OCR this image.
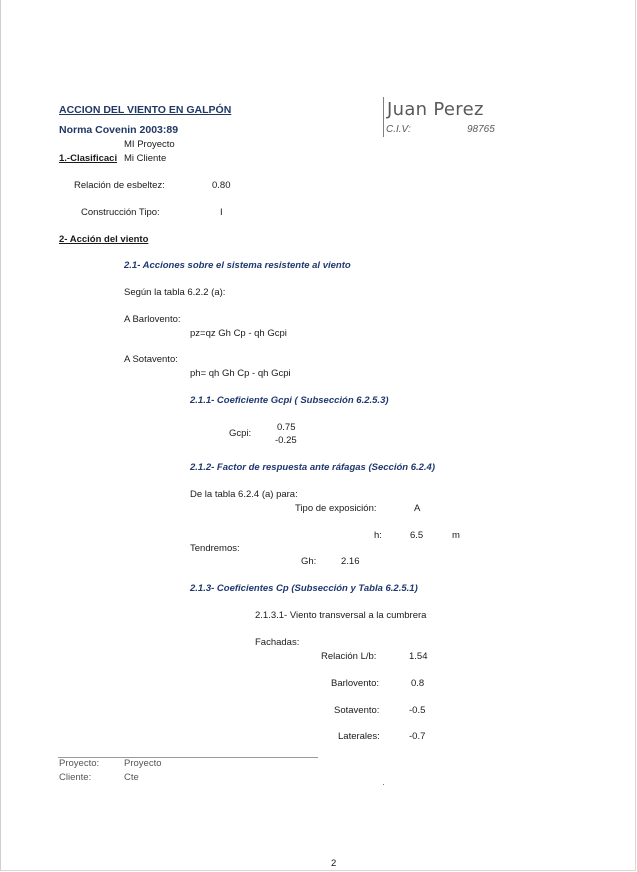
ACCION DEL VIENTO EN GALPÓN
Norma Covenin 2003:89
MI Proyecto
Juan Perez
C.I.V:	98765
1.-Clasificaci Mi Cliente
Relación de esbeltez:	0.80
Construcción Tipo:	I
2- Acción del viento
2.1- Acciones sobre el sistema resistente al viento
Según la tabla 6.2.2 (a):
A Barlovento:
pz=qz Gh Cp - qh Gcpi
A Sotavento:
ph= qh Gh Cp - qh Gcpi
2.1.1- Coeficiente Gcpi ( Subsección 6.2.5.3)
Gcpi:
0.75
-0.25
2.1.2- Factor de respuesta ante ráfagas (Sección 6.2.4)
De la tabla 6.2.4 (a) para:
Tipo de exposición:	A
h:	6.5	m
Tendremos:
Gh:	2.16
2.1.3- Coeficientes Cp (Subsección y Tabla 6.2.5.1)
2.1.3.1- Viento transversal a la cumbrera
Fachadas:
Relación L/b:	1.54
Barlovento:	0.8
Sotavento:	-0.5
Laterales:	-0.7
Proyecto:	Proyecto
Cliente:	Cte
2
